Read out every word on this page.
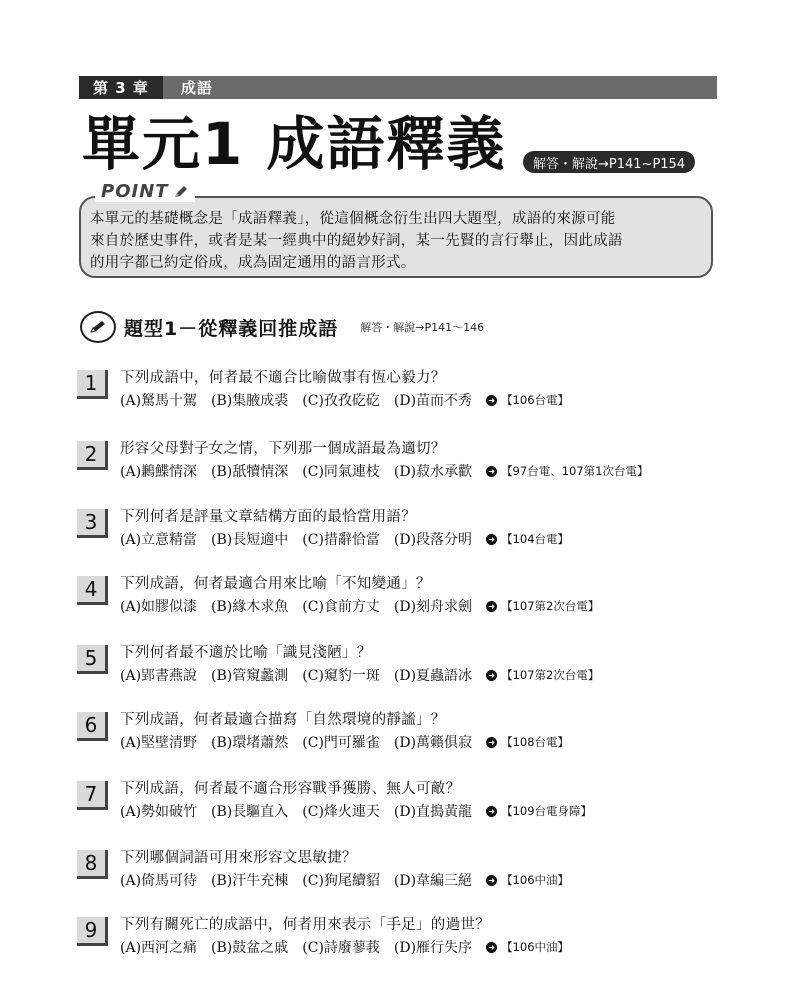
第 3 章	成語
單元1 成語釋義	解答・解說→P141~P154
POINT
本單元的基礎概念是「成語釋義」，從這個概念衍生出四大題型，成語的來源可能
來自於歷史事件，或者是某一經典中的絕妙好詞，某一先賢的言行舉止，因此成語
的用字都已約定俗成，成為固定通用的語言形式。
題型1－從釋義回推成語 解答・解說→P141～146
1	下列成語中，何者最不適合比喻做事有恆心毅力？
(A)駑馬十駕 (B)集腋成裘 (C)孜孜矻矻 (D)苗而不秀 ➜ 【106台電】
2	形容父母對子女之情，下列那一個成語最為適切？
(A)鶼鰈情深 (B)舐犢情深 (C)同氣連枝 (D)菽水承歡 ➜ 【97台電、107第1次台電】
3	下列何者是評量文章結構方面的最恰當用語？
(A)立意精當 (B)長短適中 (C)措辭恰當 (D)段落分明 ➜ 【104台電】
4	下列成語，何者最適合用來比喻「不知變通」？
(A)如膠似漆 (B)緣木求魚 (C)食前方丈 (D)刻舟求劍 ➜ 【107第2次台電】
5	下列何者最不適於比喻「識見淺陋」？
(A)郢書燕說 (B)管窺蠡測 (C)窺豹一斑 (D)夏蟲語冰 ➜ 【107第2次台電】
6	下列成語，何者最適合描寫「自然環境的靜謐」？
(A)堅壁清野 (B)環堵蕭然 (C)門可羅雀 (D)萬籟俱寂 ➜ 【108台電】
7	下列成語，何者最不適合形容戰爭獲勝、無人可敵？
(A)勢如破竹 (B)長驅直入 (C)烽火連天 (D)直搗黃龍 ➜ 【109台電身障】
8	下列哪個詞語可用來形容文思敏捷？
(A)倚馬可待 (B)汗牛充棟 (C)狗尾續貂 (D)韋編三絕 ➜ 【106中油】
9	下列有關死亡的成語中，何者用來表示「手足」的過世？
(A)西河之痛 (B)鼓盆之戚 (C)詩廢蓼莪 (D)雁行失序 ➜ 【106中油】
